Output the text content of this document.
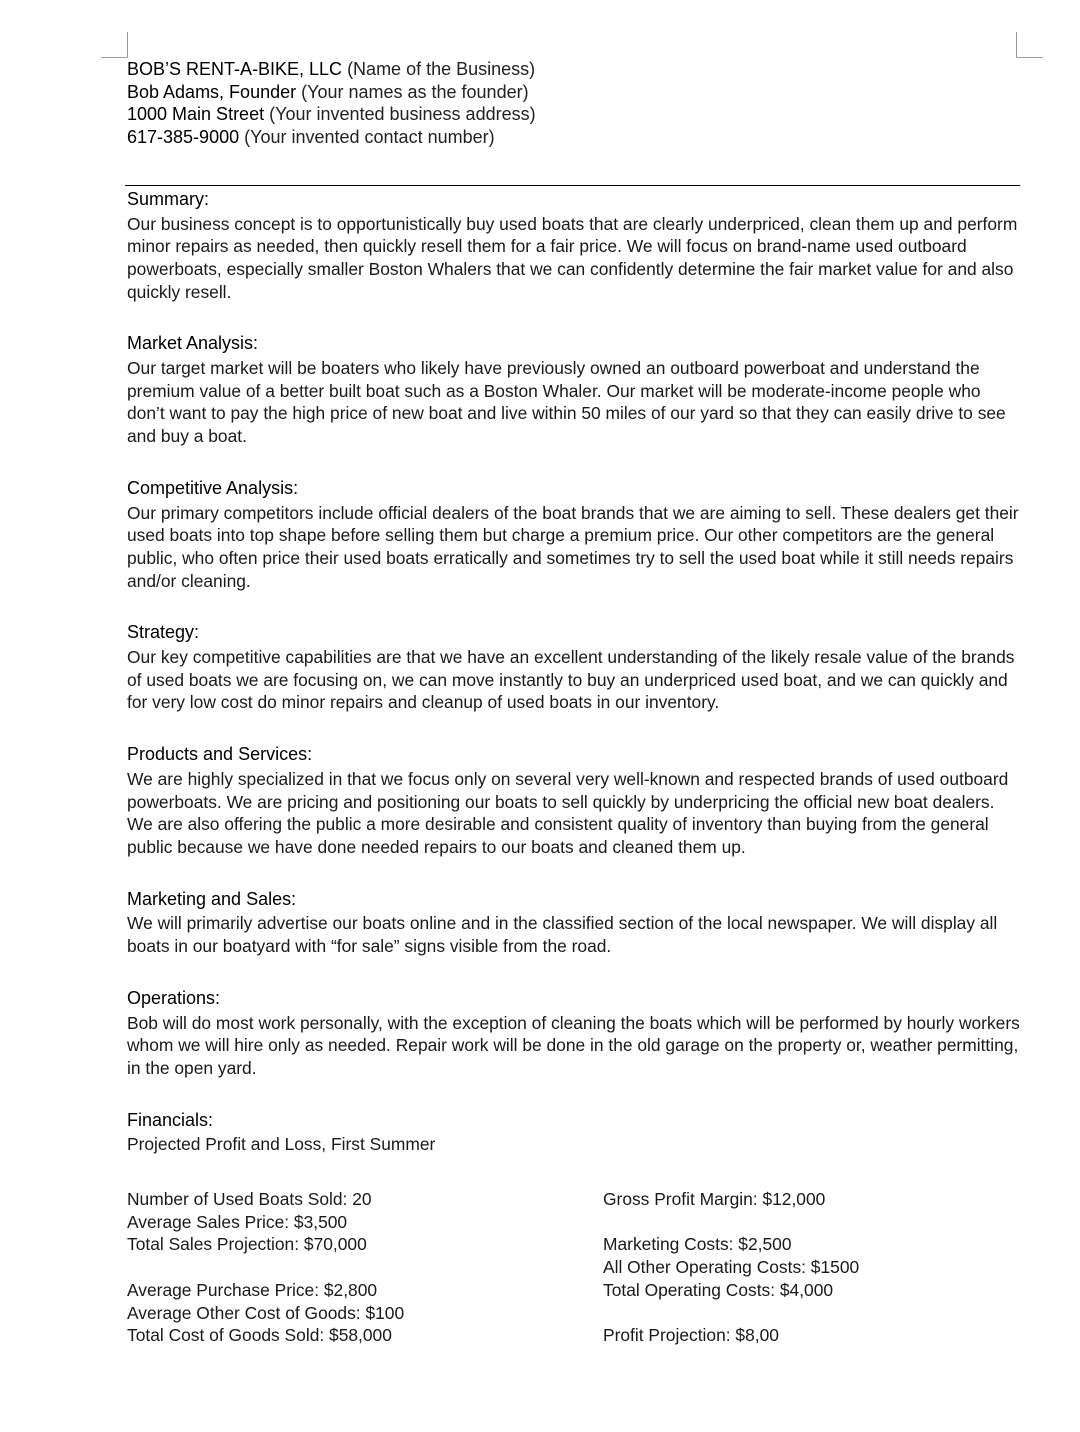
BOB’S RENT-A-BIKE, LLC (Name of the Business)
Bob Adams, Founder (Your names as the founder)
1000 Main Street (Your invented business address)
617-385-9000 (Your invented contact number)
Summary:

Our business concept is to opportunistically buy used boats that are clearly underpriced, clean them up and perform minor repairs as needed, then quickly resell them for a fair price. We will focus on brand-name used outboard powerboats, especially smaller Boston Whalers that we can confidently determine the fair market value for and also quickly resell.

Market Analysis:

Our target market will be boaters who likely have previously owned an outboard powerboat and understand the premium value of a better built boat such as a Boston Whaler. Our market will be moderate-income people who don’t want to pay the high price of new boat and live within 50 miles of our yard so that they can easily drive to see and buy a boat.

Competitive Analysis:

Our primary competitors include official dealers of the boat brands that we are aiming to sell. These dealers get their used boats into top shape before selling them but charge a premium price. Our other competitors are the general public, who often price their used boats erratically and sometimes try to sell the used boat while it still needs repairs and/or cleaning.

Strategy:

Our key competitive capabilities are that we have an excellent understanding of the likely resale value of the brands of used boats we are focusing on, we can move instantly to buy an underpriced used boat, and we can quickly and for very low cost do minor repairs and cleanup of used boats in our inventory.

Products and Services:

We are highly specialized in that we focus only on several very well-known and respected brands of used outboard powerboats. We are pricing and positioning our boats to sell quickly by underpricing the official new boat dealers. We are also offering the public a more desirable and consistent quality of inventory than buying from the general public because we have done needed repairs to our boats and cleaned them up.

Marketing and Sales:

We will primarily advertise our boats online and in the classified section of the local newspaper. We will display all boats in our boatyard with “for sale” signs visible from the road.

Operations:

Bob will do most work personally, with the exception of cleaning the boats which will be performed by hourly workers whom we will hire only as needed. Repair work will be done in the old garage on the property or, weather permitting, in the open yard.

Financials:

Projected Profit and Loss, First Summer

Number of Used Boats Sold: 20
Average Sales Price: $3,500
Total Sales Projection: $70,000
Average Purchase Price: $2,800
Average Other Cost of Goods: $100
Total Cost of Goods Sold: $58,000
Gross Profit Margin: $12,000
Marketing Costs: $2,500
All Other Operating Costs: $1500
Total Operating Costs: $4,000
Profit Projection: $8,00
